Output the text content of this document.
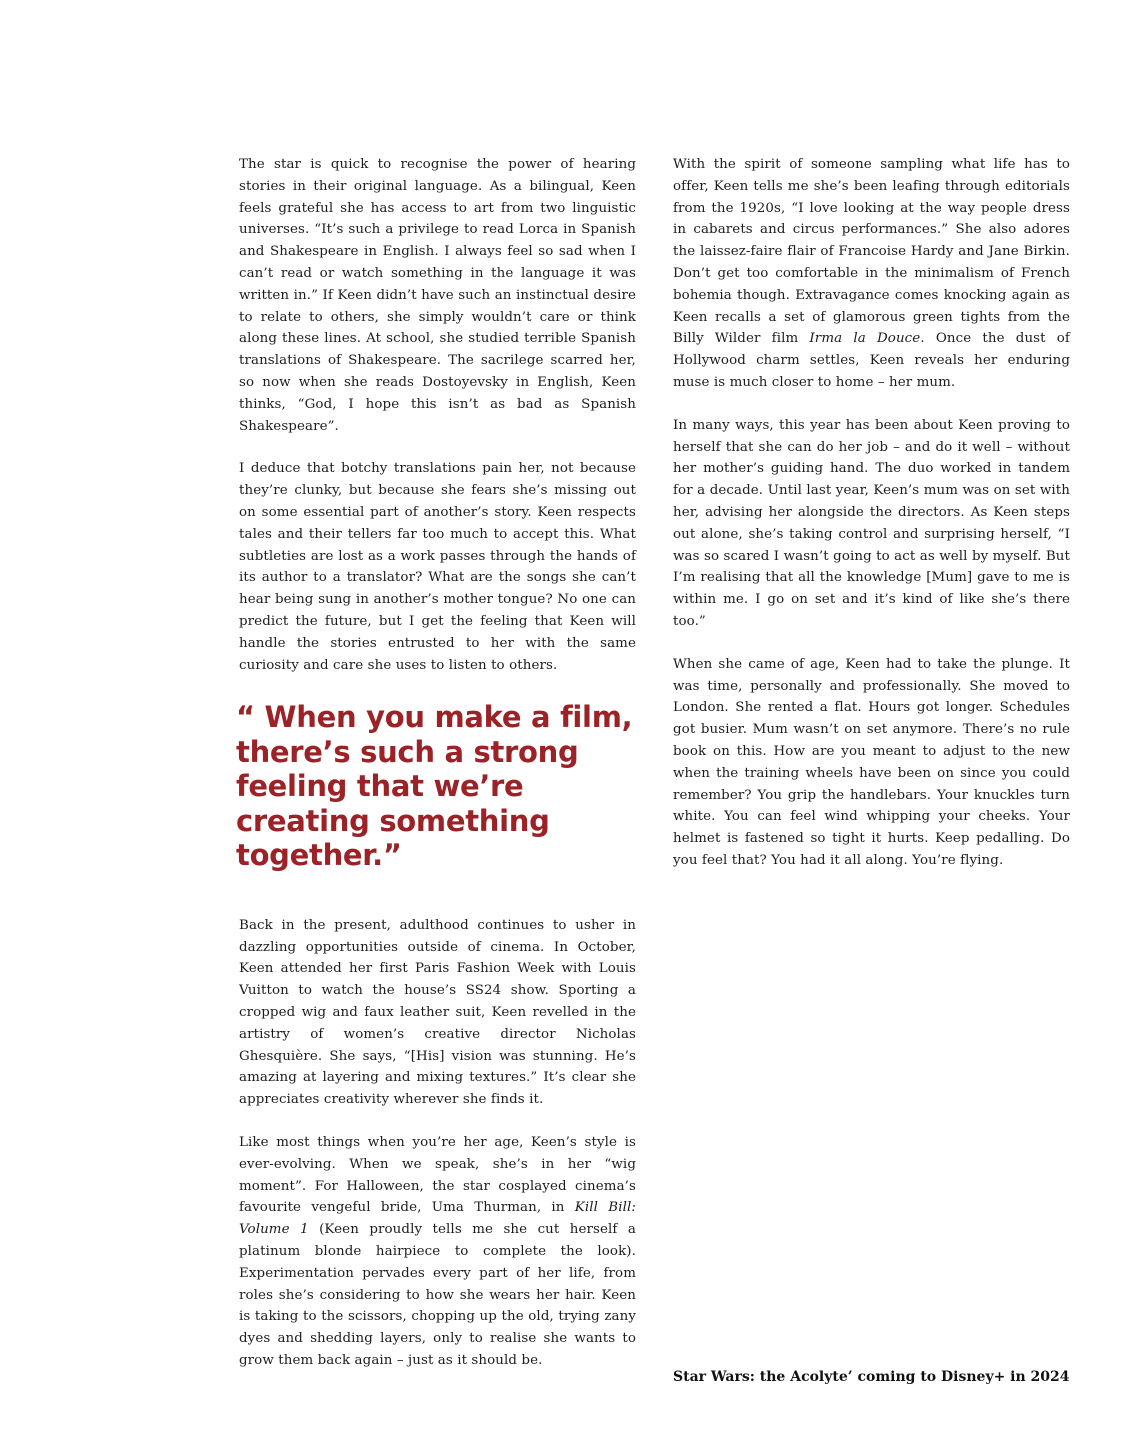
The star is quick to recognise the power of hearing stories in their original language. As a bilingual, Keen feels grateful she has access to art from two linguistic universes. “It’s such a privilege to read Lorca in Spanish and Shakespeare in English. I always feel so sad when I can’t read or watch something in the language it was written in.” If Keen didn’t have such an instinctual desire to relate to others, she simply wouldn’t care or think along these lines. At school, she studied terrible Spanish translations of Shakespeare. The sacrilege scarred her, so now when she reads Dostoyevsky in English, Keen thinks, “God, I hope this isn’t as bad as Spanish Shakespeare”.

I deduce that botchy translations pain her, not because they’re clunky, but because she fears she’s missing out on some essential part of another’s story. Keen respects tales and their tellers far too much to accept this. What subtleties are lost as a work passes through the hands of its author to a translator? What are the songs she can’t hear being sung in another’s mother tongue? No one can predict the future, but I get the feeling that Keen will handle the stories entrusted to her with the same curiosity and care she uses to listen to others.

“ When you make a film, there’s such a strong feeling that we’re creating something together.”

Back in the present, adulthood continues to usher in dazzling opportunities outside of cinema. In October, Keen attended her first Paris Fashion Week with Louis Vuitton to watch the house’s SS24 show. Sporting a cropped wig and faux leather suit, Keen revelled in the artistry of women’s creative director Nicholas Ghesquière. She says, “[His] vision was stunning. He’s amazing at layering and mixing textures.” It’s clear she appreciates creativity wherever she finds it.

Like most things when you’re her age, Keen’s style is ever-evolving. When we speak, she’s in her “wig moment”. For Halloween, the star cosplayed cinema’s favourite vengeful bride, Uma Thurman, in Kill Bill: Volume 1 (Keen proudly tells me she cut herself a platinum blonde hairpiece to complete the look). Experimentation pervades every part of her life, from roles she’s considering to how she wears her hair. Keen is taking to the scissors, chopping up the old, trying zany dyes and shedding layers, only to realise she wants to grow them back again – just as it should be.

With the spirit of someone sampling what life has to offer, Keen tells me she’s been leafing through editorials from the 1920s, “I love looking at the way people dress in cabarets and circus performances.” She also adores the laissez-faire flair of Francoise Hardy and Jane Birkin. Don’t get too comfortable in the minimalism of French bohemia though. Extravagance comes knocking again as Keen recalls a set of glamorous green tights from the Billy Wilder film Irma la Douce. Once the dust of Hollywood charm settles, Keen reveals her enduring muse is much closer to home – her mum.

In many ways, this year has been about Keen proving to herself that she can do her job – and do it well – without her mother’s guiding hand. The duo worked in tandem for a decade. Until last year, Keen’s mum was on set with her, advising her alongside the directors. As Keen steps out alone, she’s taking control and surprising herself, “I was so scared I wasn’t going to act as well by myself. But I’m realising that all the knowledge [Mum] gave to me is within me. I go on set and it’s kind of like she’s there too.”

When she came of age, Keen had to take the plunge. It was time, personally and professionally. She moved to London. She rented a flat. Hours got longer. Schedules got busier. Mum wasn’t on set anymore. There’s no rule book on this. How are you meant to adjust to the new when the training wheels have been on since you could remember? You grip the handlebars. Your knuckles turn white. You can feel wind whipping your cheeks. Your helmet is fastened so tight it hurts. Keep pedalling. Do you feel that? You had it all along. You’re flying.

Star Wars: the Acolyte’ coming to Disney+ in 2024
